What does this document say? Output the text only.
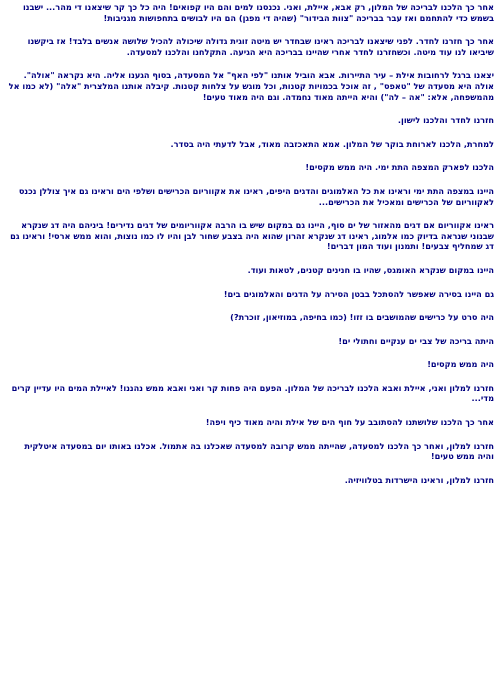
אחר כך הלכנו לבריכה של המלון, רק אבא, איילת, ואני. נכנסנו למים והם היו קפואים! היה כל כך קר שיצאנו די מהר... ישבנו בשמש כדי להתחמם ואז עבר בבריכה "צוות הבידור" (שהיה די מפגן) הם היו לבושים בתחפושות מגניבות!

אחר כך חזרנו לחדר. לפני שיצאנו לבריכה ראינו שבחדר יש מיטה זוגית גדולה שיכולה להכיל שלושה אנשים בלבד! אז ביקשנו שיביאו לנו עוד מיטה. וכשחזרנו לחדר אחרי שהיינו בבריכה היא הגיעה. התקלחנו והלכנו למסעדה.

יצאנו ברגל לרחובות אילת – עיר התיירות. אבא הוביל אותנו "לפי האף" אל המסעדה, בסוף הגענו אליה. היא נקראה "אולה". אולה היא מסעדה של "טאפס" , זה אוכל בכמויות קטנות, וכל מוגש על צלחות קטנות. קיבלה אותנו המלצרית "אלה" (לא כמו אל מהמשפחה, אלא: "אה – לה") והיא הייתה מאוד נחמדה. וגם היה מאוד טעים!

חזרנו לחדר והלכנו לישון.

למחרת, הלכנו לארוחת בוקר של המלון. אמא התאכזבה מאוד, אבל לדעתי היה בסדר.

הלכנו לפארק המצפה התת ימי. היה ממש מקסים!

היינו במצפה התת ימי וראינו את כל האלמוגים והדגים היפים, ראינו את אקווריום הכרישים ושלפי הים וראינו גם איך צוללן נכנס לאקווריום של הכרישים ומאכיל את הכרישים...

ראינו אקווריום אם דגים מהאזור של ים סוף, היינו גם במקום שיש בו הרבה אקווריומים של דגים נדירים! ביניהם היה דג שנקרא שבנוני שנראה בדיוק כמו אלמוג, ראינו דג שנקרא זהרון שהוא היה בצבע שחור לבן והיו לו כמו נוצות, והוא ממש ארסי! וראינו גם דג שמחליף צבעים! ותמנון ועוד המון דברים!

היינו במקום שנקרא האומגס, שהיו בו חנינים קטנים, לטאות ועוד.

גם היינו בסירה שאפשר להסתכל בבטן הסירה על הדגים והאלמוגים בים!

היה סרט על כרישים שהמושבים בו זזו! (כמו בחיפה, במוזיאון, זוכרת?)

היתה בריכה של צבי ים ענקיים וחתולי ים!

היה ממש מקסים!

חזרנו למלון ואני, איילת ואבא הלכנו לבריכה של המלון. הפעם היה פחות קר ואני ואבא ממש נהננו! לאיילת המים היו עדיין קרים מדי...

אחר כך הלכנו שלושתנו להסתובב על חוף הים של אילת והיה מאוד כיף ויפה!

חזרנו למלון, ואחר כך הלכנו למסעדה, שהייתה ממש קרובה למסעדה שאכלנו בה אתמול. אכלנו באותו יום במסעדה איטלקית והיה ממש טעים!

חזרנו למלון, וראינו הישרדות בטלוויזיה.
